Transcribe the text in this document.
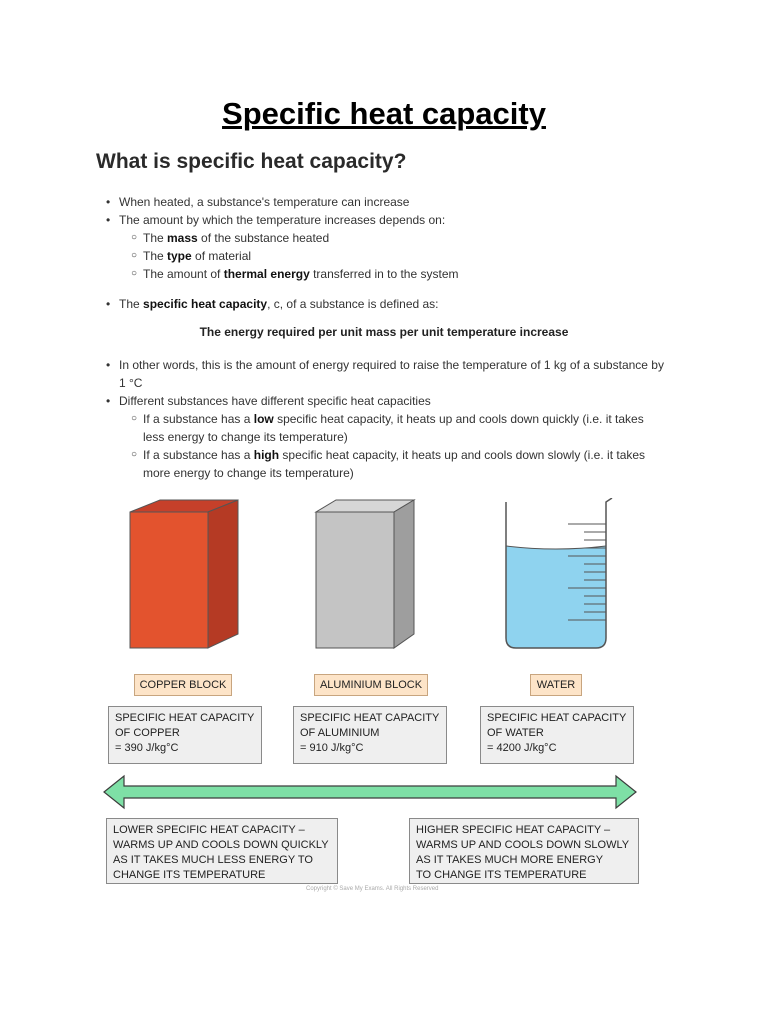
Specific heat capacity
What is specific heat capacity?
• When heated, a substance's temperature can increase
• The amount by which the temperature increases depends on:
○ The mass of the substance heated
○ The type of material
○ The amount of thermal energy transferred in to the system
• The specific heat capacity, c, of a substance is defined as:
The energy required per unit mass per unit temperature increase
• In other words, this is the amount of energy required to raise the temperature of 1 kg of a substance by
1 °C
• Different substances have different specific heat capacities
○ If a substance has a low specific heat capacity, it heats up and cools down quickly (i.e. it takes
less energy to change its temperature)
○ If a substance has a high specific heat capacity, it heats up and cools down slowly (i.e. it takes
more energy to change its temperature)
COPPER BLOCK	ALUMINIUM BLOCK	WATER
SPECIFIC HEAT CAPACITY
OF COPPER
= 390 J/kg°C
SPECIFIC HEAT CAPACITY
OF ALUMINIUM
= 910 J/kg°C
SPECIFIC HEAT CAPACITY
OF WATER
= 4200 J/kg°C
LOWER SPECIFIC HEAT CAPACITY –
WARMS UP AND COOLS DOWN QUICKLY
AS IT TAKES MUCH LESS ENERGY TO
CHANGE ITS TEMPERATURE
HIGHER SPECIFIC HEAT CAPACITY –
WARMS UP AND COOLS DOWN SLOWLY
AS IT TAKES MUCH MORE ENERGY
TO CHANGE ITS TEMPERATURE
Copyright © Save My Exams. All Rights Reserved
